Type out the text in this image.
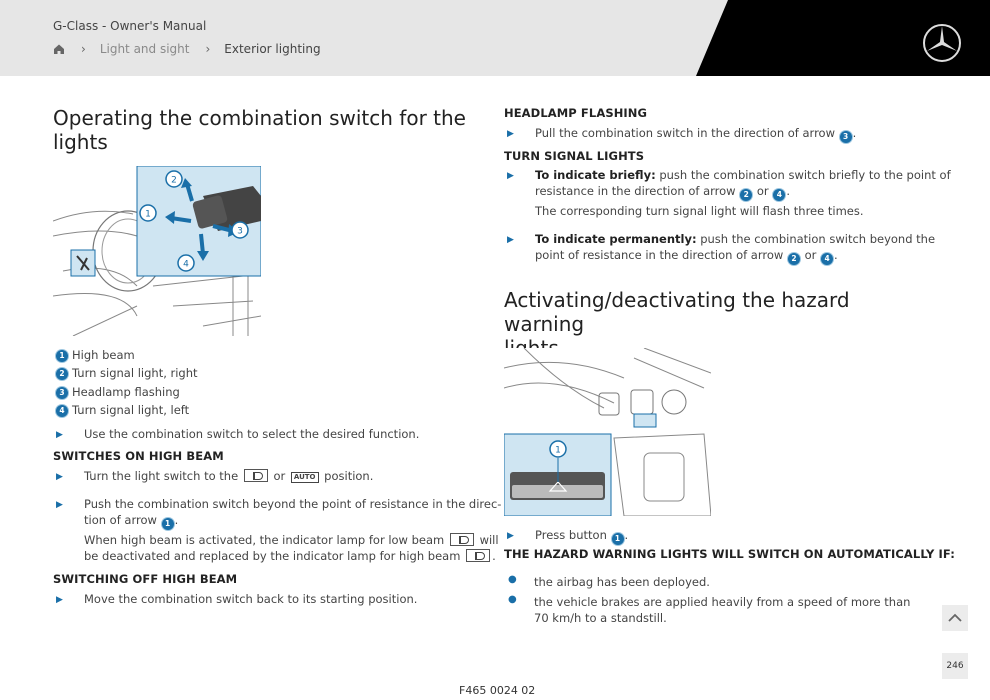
G-Class - Owner's Manual
› Light and sight › Exterior lighting
Operating the combination switch for the
lights
1
2
3
4
1 High beam
2 Turn signal light, right
3 Headlamp flashing
4 Turn signal light, left
▶ Use the combination switch to select the desired function.
SWITCHES ON HIGH BEAM
▶ Turn the light switch to the	or AUTO position.
▶ Push the combination switch beyond the point of resistance in the direc-
tion of arrow 1 .
When high beam is activated, the indicator lamp for low beam	will
be deactivated and replaced by the indicator lamp for high beam	.
SWITCHING OFF HIGH BEAM
▶ Move the combination switch back to its starting position.
HEADLAMP FLASHING
▶ Pull the combination switch in the direction of arrow 3 .
TURN SIGNAL LIGHTS
▶ To indicate briefly: push the combination switch briefly to the point of
resistance in the direction of arrow 2 or 4 .
The corresponding turn signal light will flash three times.
▶ To indicate permanently: push the combination switch beyond the
point of resistance in the direction of arrow 2 or 4 .
Activating/deactivating the hazard warning
1
▶ Press button 1 .
THE HAZARD WARNING LIGHTS WILL SWITCH ON AUTOMATICALLY IF:
● the airbag has been deployed.
● the vehicle brakes are applied heavily from a speed of more than
70 km/h to a standstill.
246
F465 0024 02
